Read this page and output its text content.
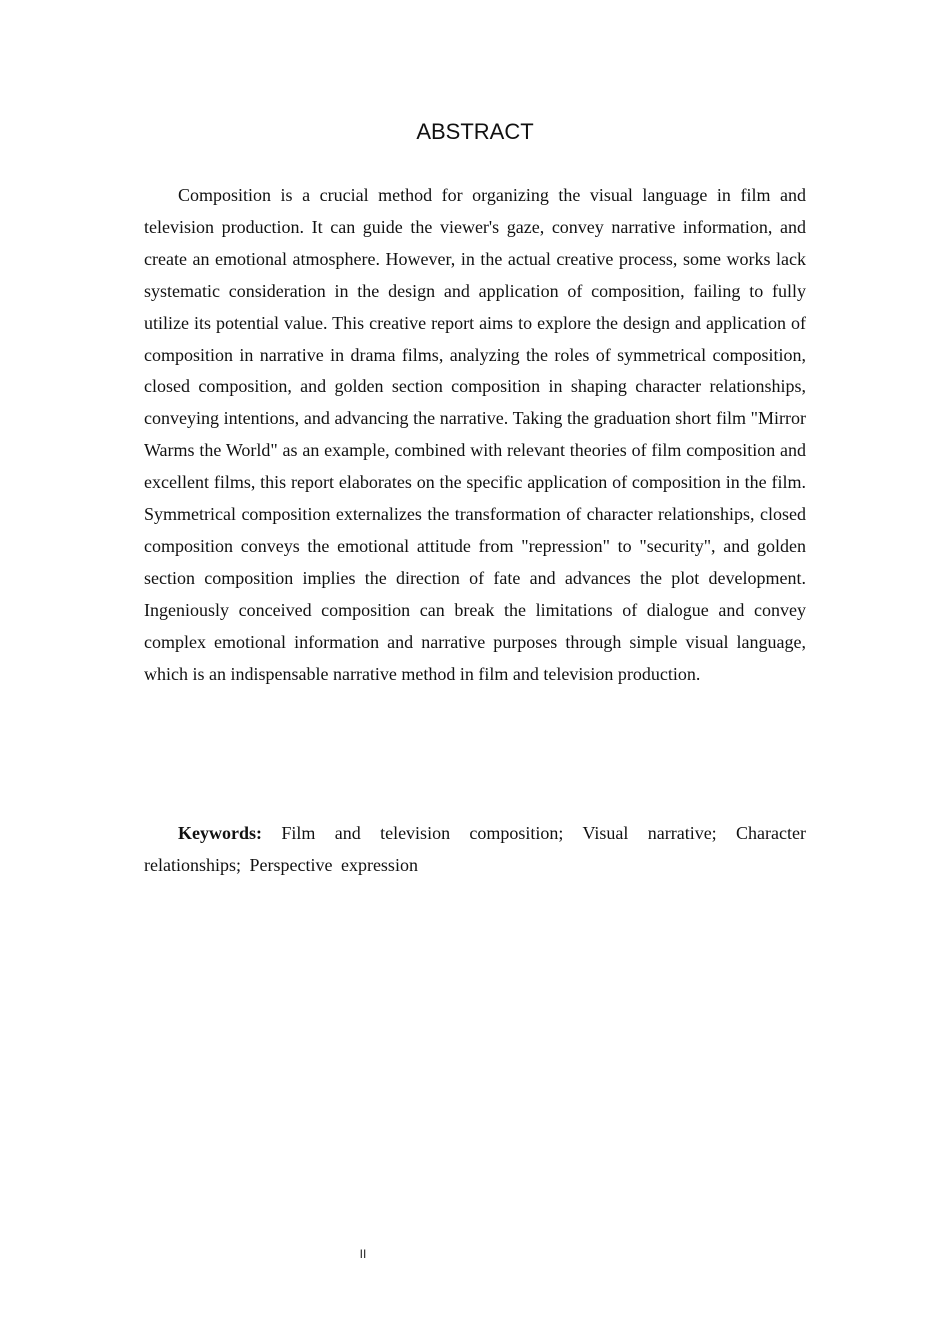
ABSTRACT

Composition is a crucial method for organizing the visual language in film and television production. It can guide the viewer's gaze, convey narrative information, and create an emotional atmosphere. However, in the actual creative process, some works lack systematic consideration in the design and application of composition, failing to fully utilize its potential value. This creative report aims to explore the design and application of composition in narrative in drama films, analyzing the roles of symmetrical composition, closed composition, and golden section composition in shaping character relationships, conveying intentions, and advancing the narrative. Taking the graduation short film "Mirror Warms the World" as an example, combined with relevant theories of film composition and excellent films, this report elaborates on the specific application of composition in the film. Symmetrical composition externalizes the transformation of character relationships, closed composition conveys the emotional attitude from "repression" to "security", and golden section composition implies the direction of fate and advances the plot development. Ingeniously conceived composition can break the limitations of dialogue and convey complex emotional information and narrative purposes through simple visual language, which is an indispensable narrative method in film and television production.

Keywords: Film and television composition; Visual narrative; Character relationships; Perspective expression

II
